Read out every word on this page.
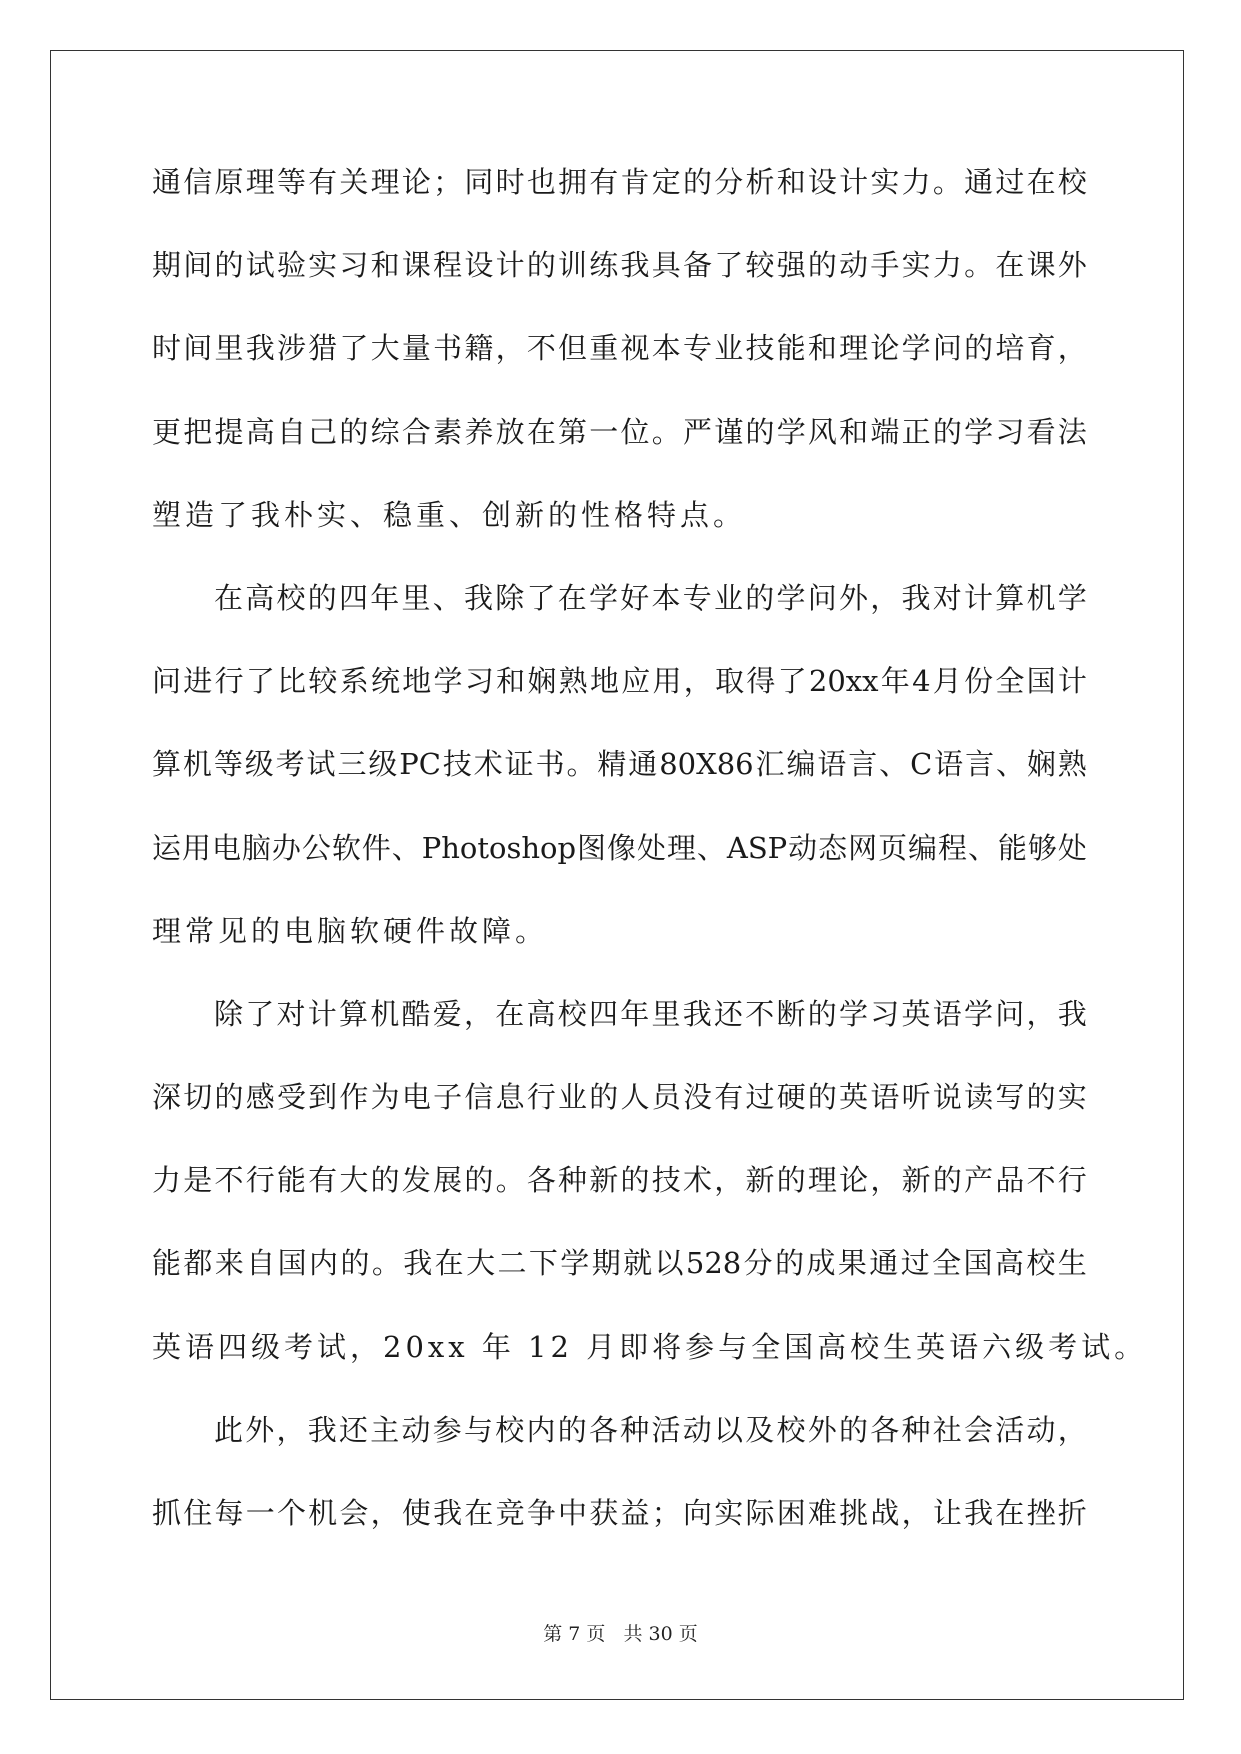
通 信 原 理 等 有 关 理 论 ； 同 时 也 拥 有 肯 定 的 分 析 和 设 计 实 力 。 通 过 在 校
期 间 的 试 验 实 习 和 课 程 设 计 的 训 练 我 具 备 了 较 强 的 动 手 实 力 。 在 课 外
时 间 里 我 涉 猎 了 大 量 书 籍 ， 不 但 重 视 本 专 业 技 能 和 理 论 学 问 的 培 育 ，
更 把 提 高 自 己 的 综 合 素 养 放 在 第 一 位 。 严 谨 的 学 风 和 端 正 的 学 习 看 法
塑造了我朴实、稳重、创新的性格特点。
在 高 校 的 四 年 里 、 我 除 了 在 学 好 本 专 业 的 学 问 外 ， 我 对 计 算 机 学
问 进 行 了 比 较 系 统 地 学 习 和 娴 熟 地 应 用 ， 取 得 了 20xx 年 4 月 份 全 国 计
算 机 等 级 考 试 三 级 PC 技 术 证 书 。 精 通 80X86 汇 编 语 言 、 C 语 言 、 娴 熟
运 用 电 脑 办 公 软 件 、 Photoshop 图 像 处 理 、 ASP 动 态 网 页 编 程 、 能 够 处
理常见的电脑软硬件故障。
除 了 对 计 算 机 酷 爱 ， 在 高 校 四 年 里 我 还 不 断 的 学 习 英 语 学 问 ， 我
深 切 的 感 受 到 作 为 电 子 信 息 行 业 的 人 员 没 有 过 硬 的 英 语 听 说 读 写 的 实
力 是 不 行 能 有 大 的 发 展 的 。 各 种 新 的 技 术 ， 新 的 理 论 ， 新 的 产 品 不 行
能 都 来 自 国 内 的 。 我 在 大 二 下 学 期 就 以 528 分 的 成 果 通 过 全 国 高 校 生
英语四级考试，20xx 年 12 月即将参与全国高校生英语六级考试。
此 外 ， 我 还 主 动 参 与 校 内 的 各 种 活 动 以 及 校 外 的 各 种 社 会 活 动 ，
抓 住 每 一 个 机 会 ， 使 我 在 竞 争 中 获 益 ； 向 实 际 困 难 挑 战 ， 让 我 在 挫 折
第 7 页 共 30 页
